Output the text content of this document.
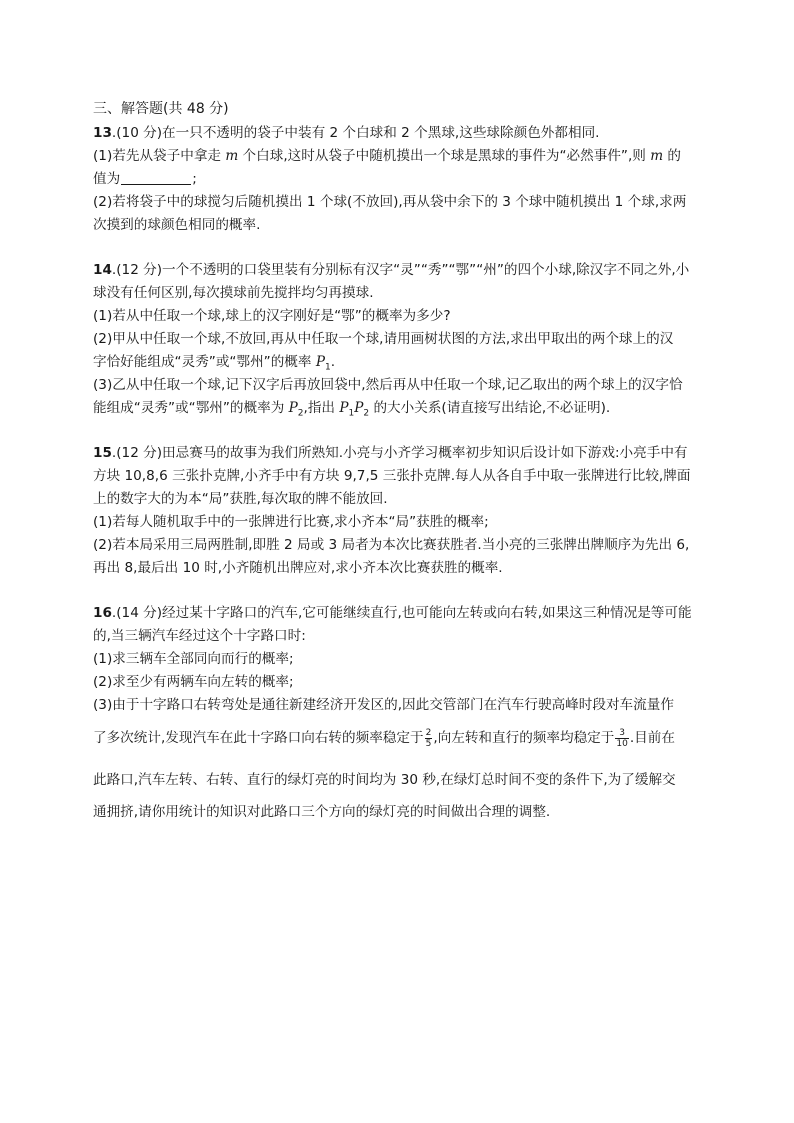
三、解答题(共 48 分)
13.(10 分)在一只不透明的袋子中装有 2 个白球和 2 个黑球,这些球除颜色外都相同.
(1)若先从袋子中拿走 m 个白球,这时从袋子中随机摸出一个球是黑球的事件为“必然事件”,则 m 的
值为	;
(2)若将袋子中的球搅匀后随机摸出 1 个球(不放回),再从袋中余下的 3 个球中随机摸出 1 个球,求两
次摸到的球颜色相同的概率.
14.(12 分)一个不透明的口袋里装有分别标有汉字“灵”“秀”“鄂”“州”的四个小球,除汉字不同之外,小
球没有任何区别,每次摸球前先搅拌均匀再摸球.
(1)若从中任取一个球,球上的汉字刚好是“鄂”的概率为多少?
(2)甲从中任取一个球,不放回,再从中任取一个球,请用画树状图的方法,求出甲取出的两个球上的汉
字恰好能组成“灵秀”或“鄂州”的概率 $P_1$.
(3)乙从中任取一个球,记下汉字后再放回袋中,然后再从中任取一个球,记乙取出的两个球上的汉字恰
能组成“灵秀”或“鄂州”的概率为 $P_2$,指出 $P_1P_2$ 的大小关系(请直接写出结论,不必证明).
15.(12 分)田忌赛马的故事为我们所熟知.小亮与小齐学习概率初步知识后设计如下游戏:小亮手中有
方块 10,8,6 三张扑克牌,小齐手中有方块 9,7,5 三张扑克牌.每人从各自手中取一张牌进行比较,牌面
上的数字大的为本“局”获胜,每次取的牌不能放回.
(1)若每人随机取手中的一张牌进行比赛,求小齐本“局”获胜的概率;
(2)若本局采用三局两胜制,即胜 2 局或 3 局者为本次比赛获胜者.当小亮的三张牌出牌顺序为先出 6,
再出 8,最后出 10 时,小齐随机出牌应对,求小齐本次比赛获胜的概率.
16.(14 分)经过某十字路口的汽车,它可能继续直行,也可能向左转或向右转,如果这三种情况是等可能
的,当三辆汽车经过这个十字路口时:
(1)求三辆车全部同向而行的概率;
(2)求至少有两辆车向左转的概率;
(3)由于十字路口右转弯处是通往新建经济开发区的,因此交管部门在汽车行驶高峰时段对车流量作
了多次统计,发现汽车在此十字路口向右转的频率稳定于 $\frac{2}{5}$ ,向左转和直行的频率均稳定于 $\frac{3}{10}$ .目前在
此路口,汽车左转、右转、直行的绿灯亮的时间均为 30 秒,在绿灯总时间不变的条件下,为了缓解交
通拥挤,请你用统计的知识对此路口三个方向的绿灯亮的时间做出合理的调整.
